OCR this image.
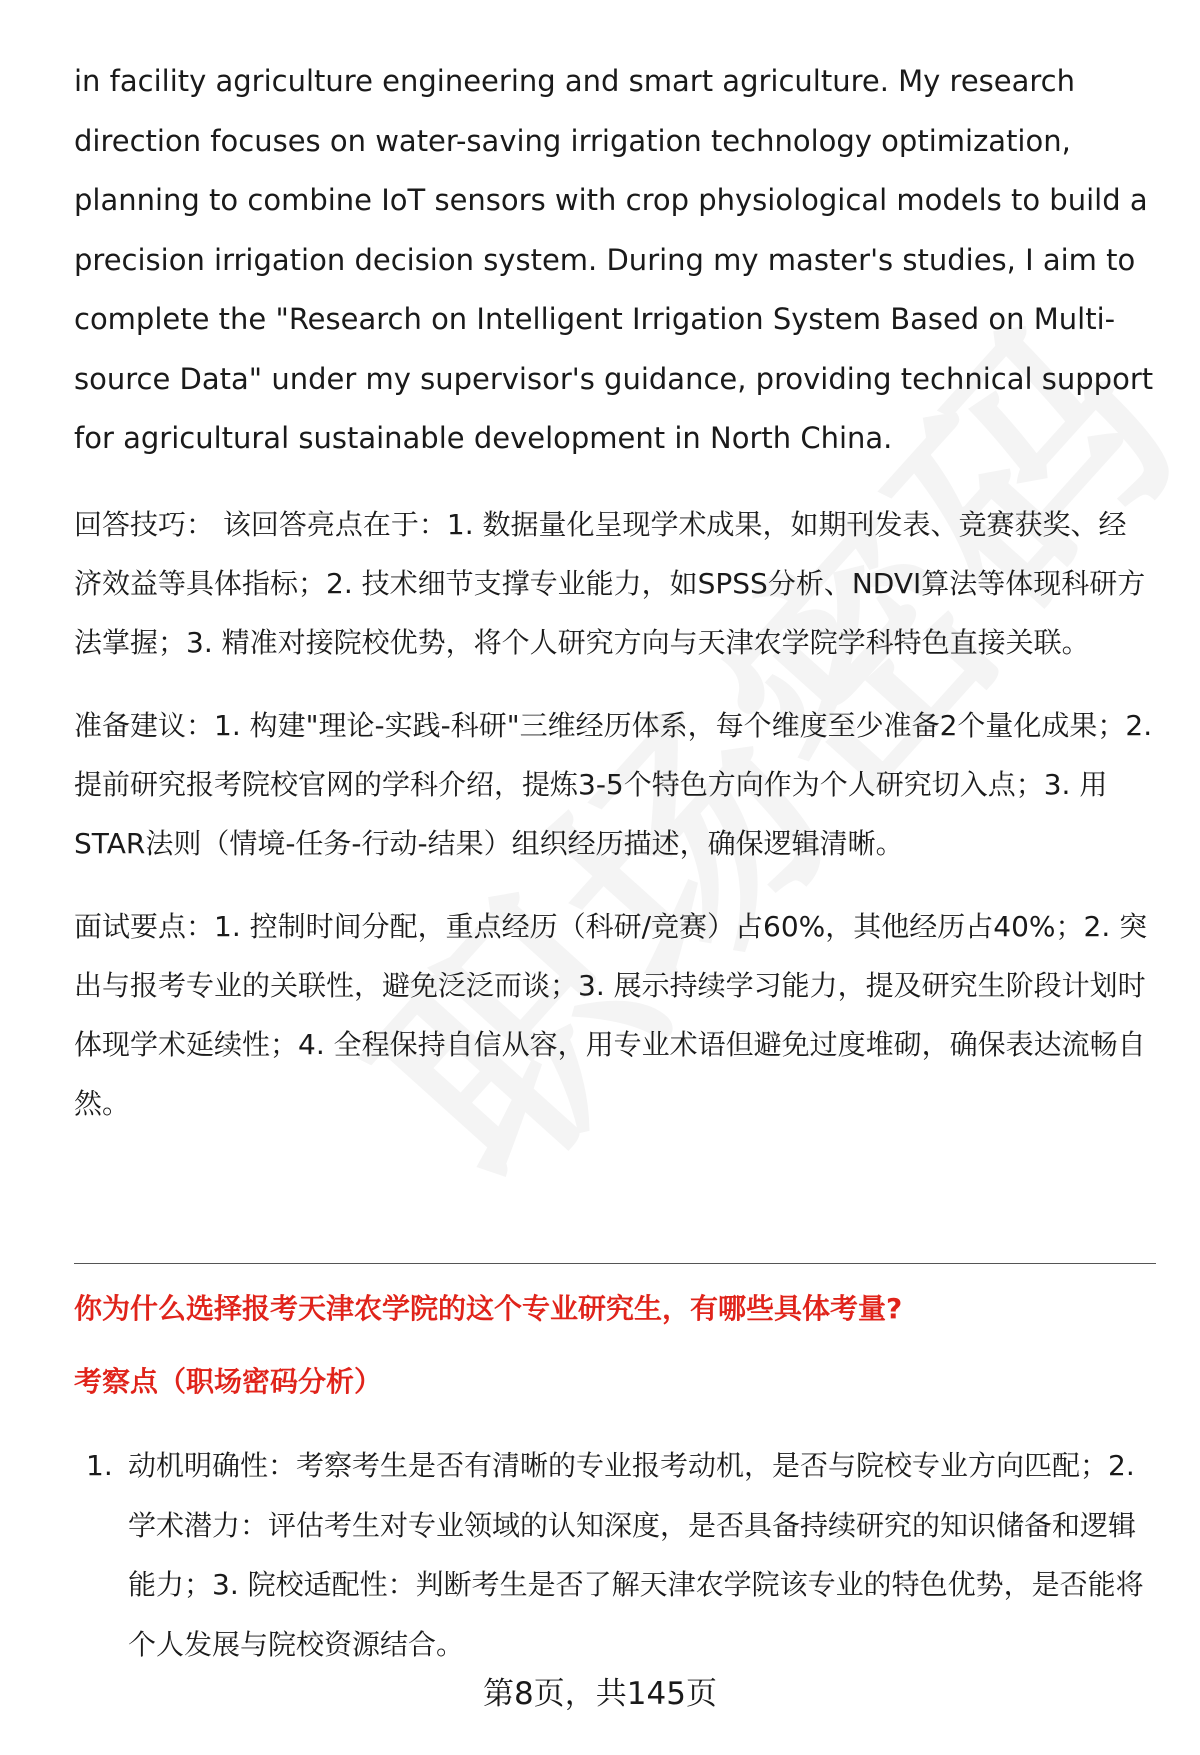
in facility agriculture engineering and smart agriculture. My research direction focuses on water-saving irrigation technology optimization, planning to combine IoT sensors with crop physiological models to build a precision irrigation decision system. During my master's studies, I aim to complete the "Research on Intelligent Irrigation System Based on Multi-source Data" under my supervisor's guidance, providing technical support for agricultural sustainable development in North China.

回答技巧： 该回答亮点在于：1. 数据量化呈现学术成果，如期刊发表、竞赛获奖、经济效益等具体指标；2. 技术细节支撑专业能力，如SPSS分析、NDVI算法等体现科研方法掌握；3. 精准对接院校优势，将个人研究方向与天津农学院学科特色直接关联。

准备建议：1. 构建"理论-实践-科研"三维经历体系，每个维度至少准备2个量化成果；2. 提前研究报考院校官网的学科介绍，提炼3-5个特色方向作为个人研究切入点；3. 用STAR法则（情境-任务-行动-结果）组织经历描述，确保逻辑清晰。

面试要点：1. 控制时间分配，重点经历（科研/竞赛）占60%，其他经历占40%；2. 突出与报考专业的关联性，避免泛泛而谈；3. 展示持续学习能力，提及研究生阶段计划时体现学术延续性；4. 全程保持自信从容，用专业术语但避免过度堆砌，确保表达流畅自然。

你为什么选择报考天津农学院的这个专业研究生，有哪些具体考量?

考察点（职场密码分析）

1. 动机明确性：考察考生是否有清晰的专业报考动机，是否与院校专业方向匹配；2. 学术潜力：评估考生对专业领域的认知深度，是否具备持续研究的知识储备和逻辑能力；3. 院校适配性：判断考生是否了解天津农学院该专业的特色优势，是否能将个人发展与院校资源结合。
第8页，共145页
